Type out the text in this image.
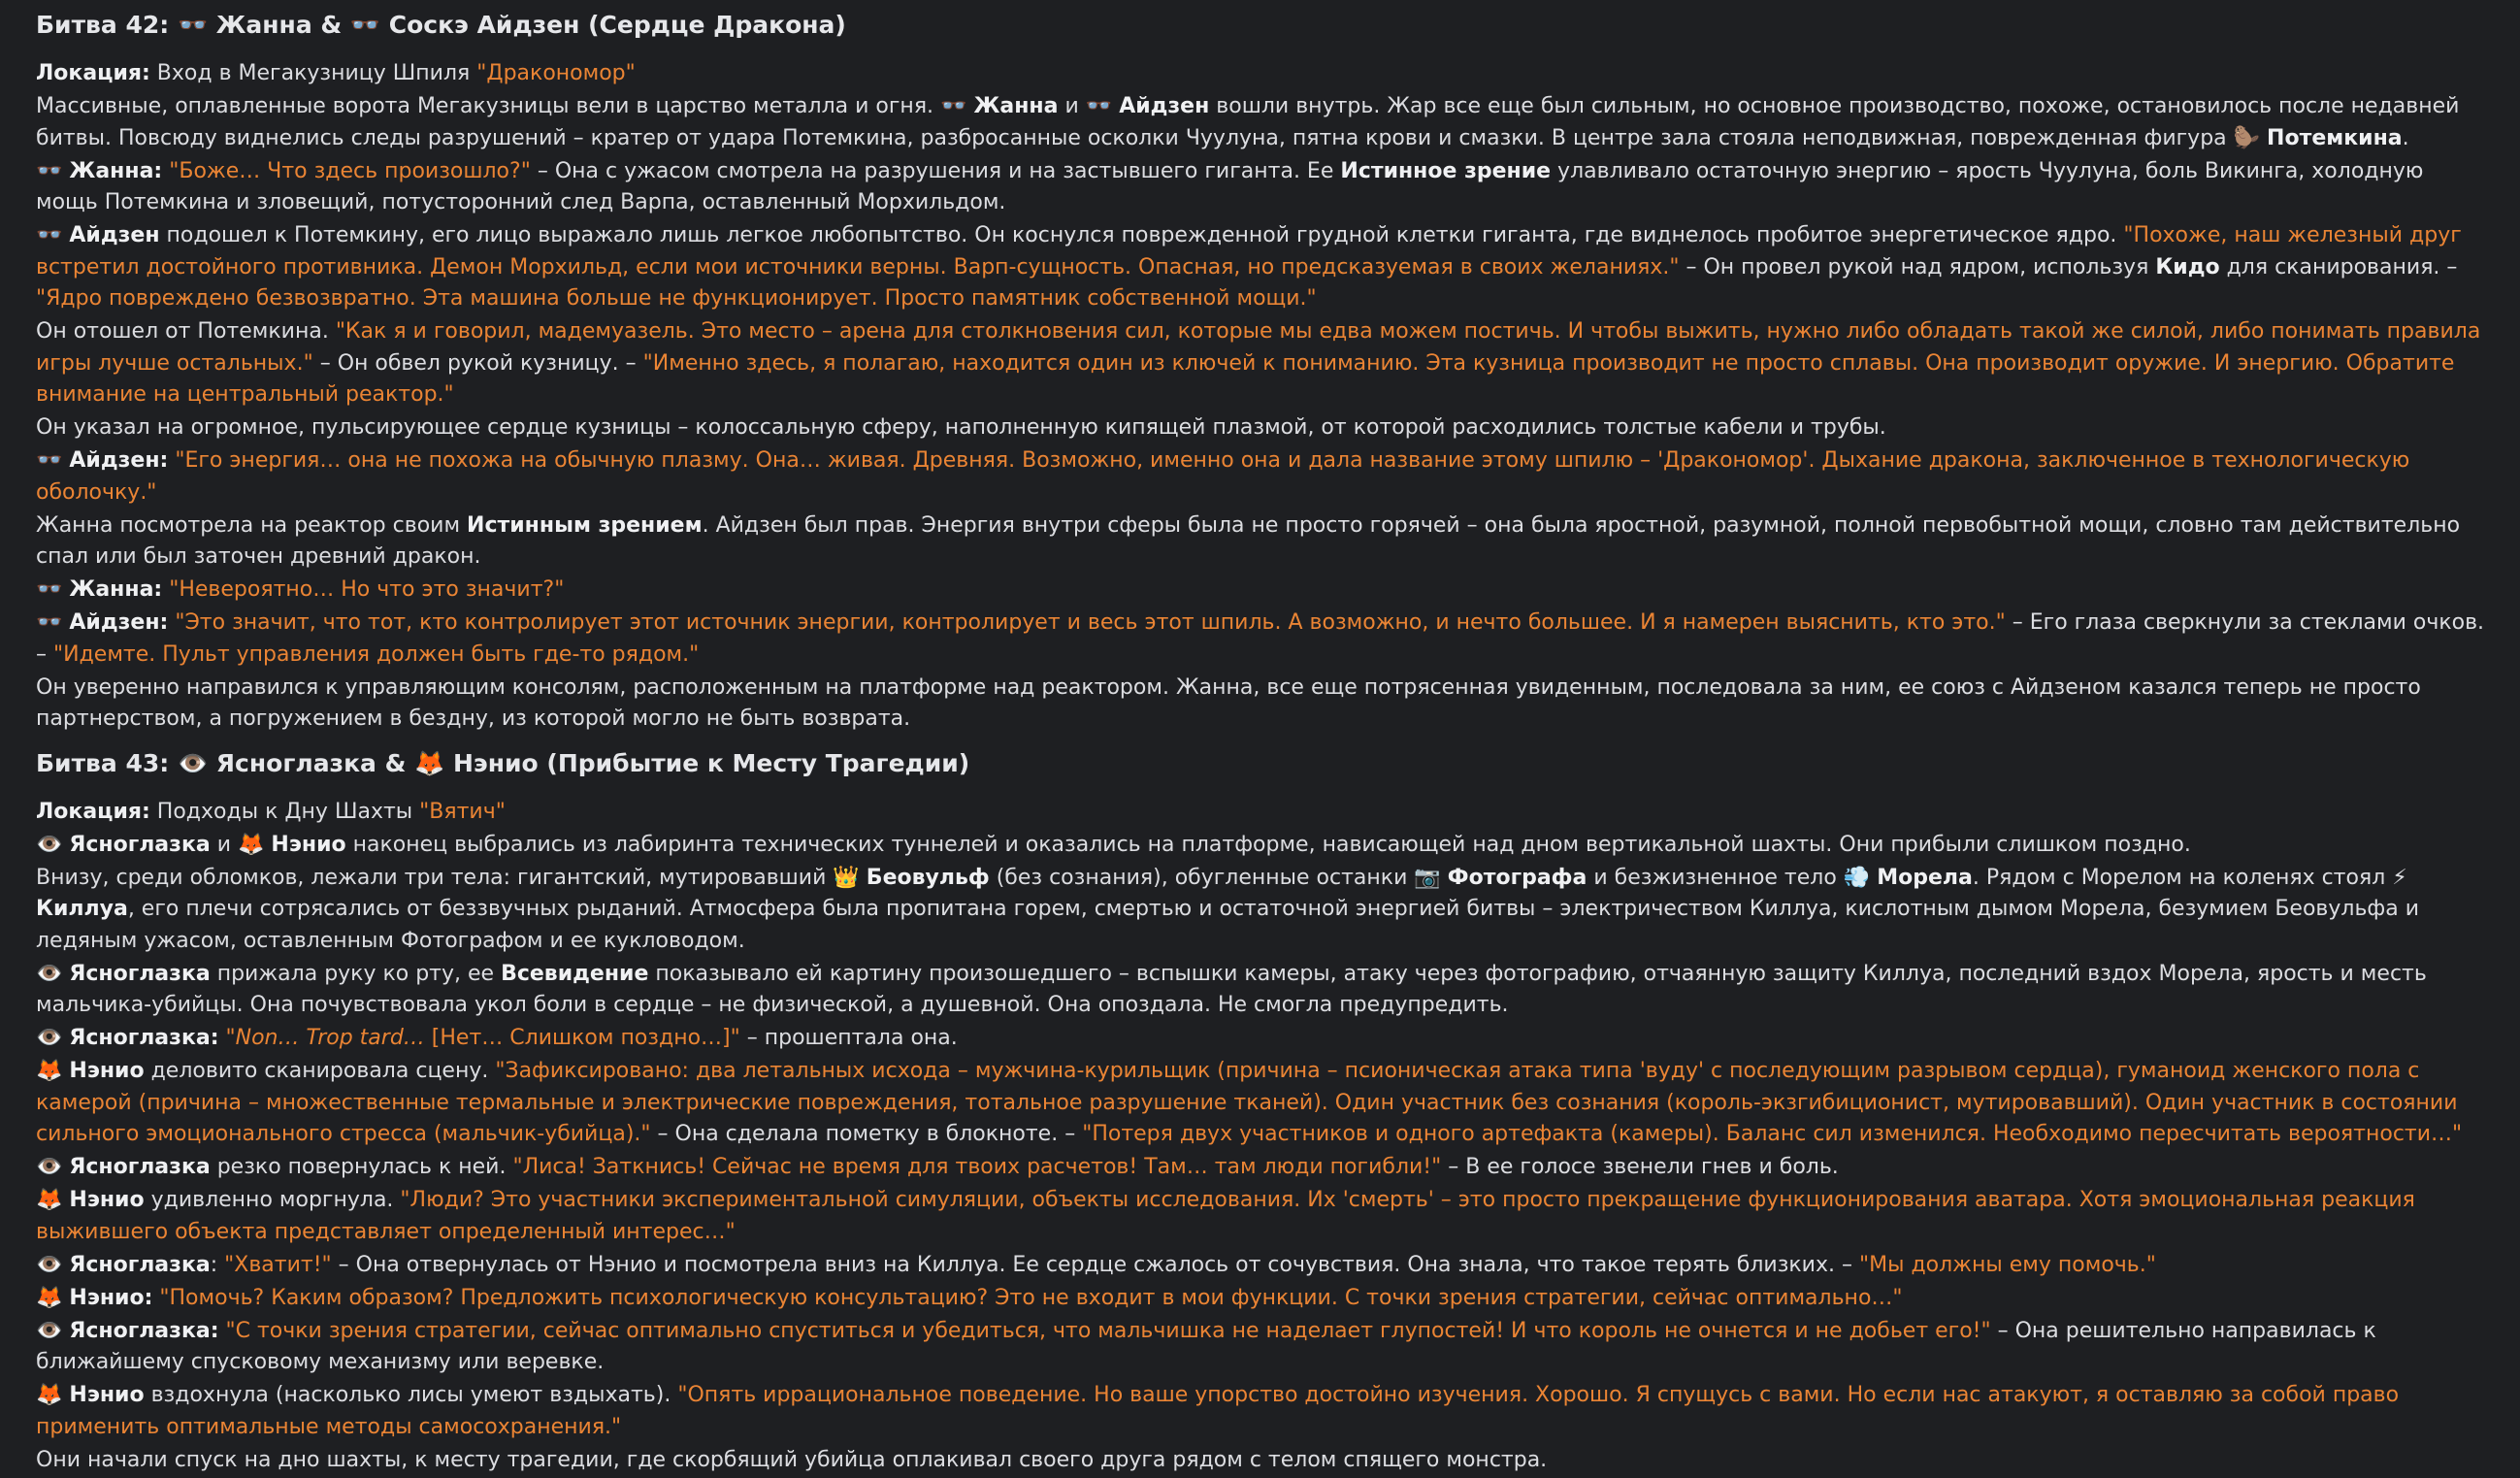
Битва 42: 👓 Жанна & 👓 Соскэ Айдзен (Сердце Дракона)
Локация: Вход в Мегакузницу Шпиля "Дракономор"
Массивные, оплавленные ворота Мегакузницы вели в царство металла и огня. 👓 Жанна и 👓 Айдзен вошли внутрь. Жар все еще был сильным, но основное производство, похоже, остановилось после недавней битвы. Повсюду виднелись следы разрушений – кратер от удара Потемкина, разбросанные осколки Чуулуна, пятна крови и смазки. В центре зала стояла неподвижная, поврежденная фигура 🦫 Потемкина.
👓 Жанна: "Боже… Что здесь произошло?" – Она с ужасом смотрела на разрушения и на застывшего гиганта. Ее Истинное зрение улавливало остаточную энергию – ярость Чуулуна, боль Викинга, холодную мощь Потемкина и зловещий, потусторонний след Варпа, оставленный Морхильдом.
👓 Айдзен подошел к Потемкину, его лицо выражало лишь легкое любопытство. Он коснулся поврежденной грудной клетки гиганта, где виднелось пробитое энергетическое ядро. "Похоже, наш железный друг встретил достойного противника. Демон Морхильд, если мои источники верны. Варп-сущность. Опасная, но предсказуемая в своих желаниях." – Он провел рукой над ядром, используя Кидо для сканирования. – "Ядро повреждено безвозвратно. Эта машина больше не функционирует. Просто памятник собственной мощи."
Он отошел от Потемкина. "Как я и говорил, мадемуазель. Это место – арена для столкновения сил, которые мы едва можем постичь. И чтобы выжить, нужно либо обладать такой же силой, либо понимать правила игры лучше остальных." – Он обвел рукой кузницу. – "Именно здесь, я полагаю, находится один из ключей к пониманию. Эта кузница производит не просто сплавы. Она производит оружие. И энергию. Обратите внимание на центральный реактор."
Он указал на огромное, пульсирующее сердце кузницы – колоссальную сферу, наполненную кипящей плазмой, от которой расходились толстые кабели и трубы.
👓 Айдзен: "Его энергия… она не похожа на обычную плазму. Она… живая. Древняя. Возможно, именно она и дала название этому шпилю – 'Дракономор'. Дыхание дракона, заключенное в технологическую оболочку."
Жанна посмотрела на реактор своим Истинным зрением. Айдзен был прав. Энергия внутри сферы была не просто горячей – она была яростной, разумной, полной первобытной мощи, словно там действительно спал или был заточен древний дракон.
👓 Жанна: "Невероятно… Но что это значит?"
👓 Айдзен: "Это значит, что тот, кто контролирует этот источник энергии, контролирует и весь этот шпиль. А возможно, и нечто большее. И я намерен выяснить, кто это." – Его глаза сверкнули за стеклами очков. – "Идемте. Пульт управления должен быть где-то рядом."
Он уверенно направился к управляющим консолям, расположенным на платформе над реактором. Жанна, все еще потрясенная увиденным, последовала за ним, ее союз с Айдзеном казался теперь не просто партнерством, а погружением в бездну, из которой могло не быть возврата.
Битва 43: 👁️ Ясноглазка & 🦊 Нэнио (Прибытие к Месту Трагедии)
Локация: Подходы к Дну Шахты "Вятич"
👁️ Ясноглазка и 🦊 Нэнио наконец выбрались из лабиринта технических туннелей и оказались на платформе, нависающей над дном вертикальной шахты. Они прибыли слишком поздно.
Внизу, среди обломков, лежали три тела: гигантский, мутировавший 👑 Беовульф (без сознания), обугленные останки 📷 Фотографа и безжизненное тело 💨 Морела. Рядом с Морелом на коленях стоял ⚡ Киллуа, его плечи сотрясались от беззвучных рыданий. Атмосфера была пропитана горем, смертью и остаточной энергией битвы – электричеством Киллуа, кислотным дымом Морела, безумием Беовульфа и ледяным ужасом, оставленным Фотографом и ее кукловодом.
👁️ Ясноглазка прижала руку ко рту, ее Всевидение показывало ей картину произошедшего – вспышки камеры, атаку через фотографию, отчаянную защиту Киллуа, последний вздох Морела, ярость и месть мальчика-убийцы. Она почувствовала укол боли в сердце – не физической, а душевной. Она опоздала. Не смогла предупредить.
👁️ Ясноглазка: "Non… Trop tard… [Нет… Слишком поздно…]" – прошептала она.
🦊 Нэнио деловито сканировала сцену. "Зафиксировано: два летальных исхода – мужчина-курильщик (причина – псионическая атака типа 'вуду' с последующим разрывом сердца), гуманоид женского пола с камерой (причина – множественные термальные и электрические повреждения, тотальное разрушение тканей). Один участник без сознания (король-экзгибиционист, мутировавший). Один участник в состоянии сильного эмоционального стресса (мальчик-убийца)." – Она сделала пометку в блокноте. – "Потеря двух участников и одного артефакта (камеры). Баланс сил изменился. Необходимо пересчитать вероятности…"
👁️ Ясноглазка резко повернулась к ней. "Лиса! Заткнись! Сейчас не время для твоих расчетов! Там… там люди погибли!" – В ее голосе звенели гнев и боль.
🦊 Нэнио удивленно моргнула. "Люди? Это участники экспериментальной симуляции, объекты исследования. Их 'смерть' – это просто прекращение функционирования аватара. Хотя эмоциональная реакция выжившего объекта представляет определенный интерес…"
👁️ Ясноглазка: "Хватит!" – Она отвернулась от Нэнио и посмотрела вниз на Киллуа. Ее сердце сжалось от сочувствия. Она знала, что такое терять близких. – "Мы должны ему помочь."
🦊 Нэнио: "Помочь? Каким образом? Предложить психологическую консультацию? Это не входит в мои функции. С точки зрения стратегии, сейчас оптимально…"
👁️ Ясноглазка: "С точки зрения стратегии, сейчас оптимально спуститься и убедиться, что мальчишка не наделает глупостей! И что король не очнется и не добьет его!" – Она решительно направилась к ближайшему спусковому механизму или веревке.
🦊 Нэнио вздохнула (насколько лисы умеют вздыхать). "Опять иррациональное поведение. Но ваше упорство достойно изучения. Хорошо. Я спущусь с вами. Но если нас атакуют, я оставляю за собой право применить оптимальные методы самосохранения."
Они начали спуск на дно шахты, к месту трагедии, где скорбящий убийца оплакивал своего друга рядом с телом спящего монстра.
